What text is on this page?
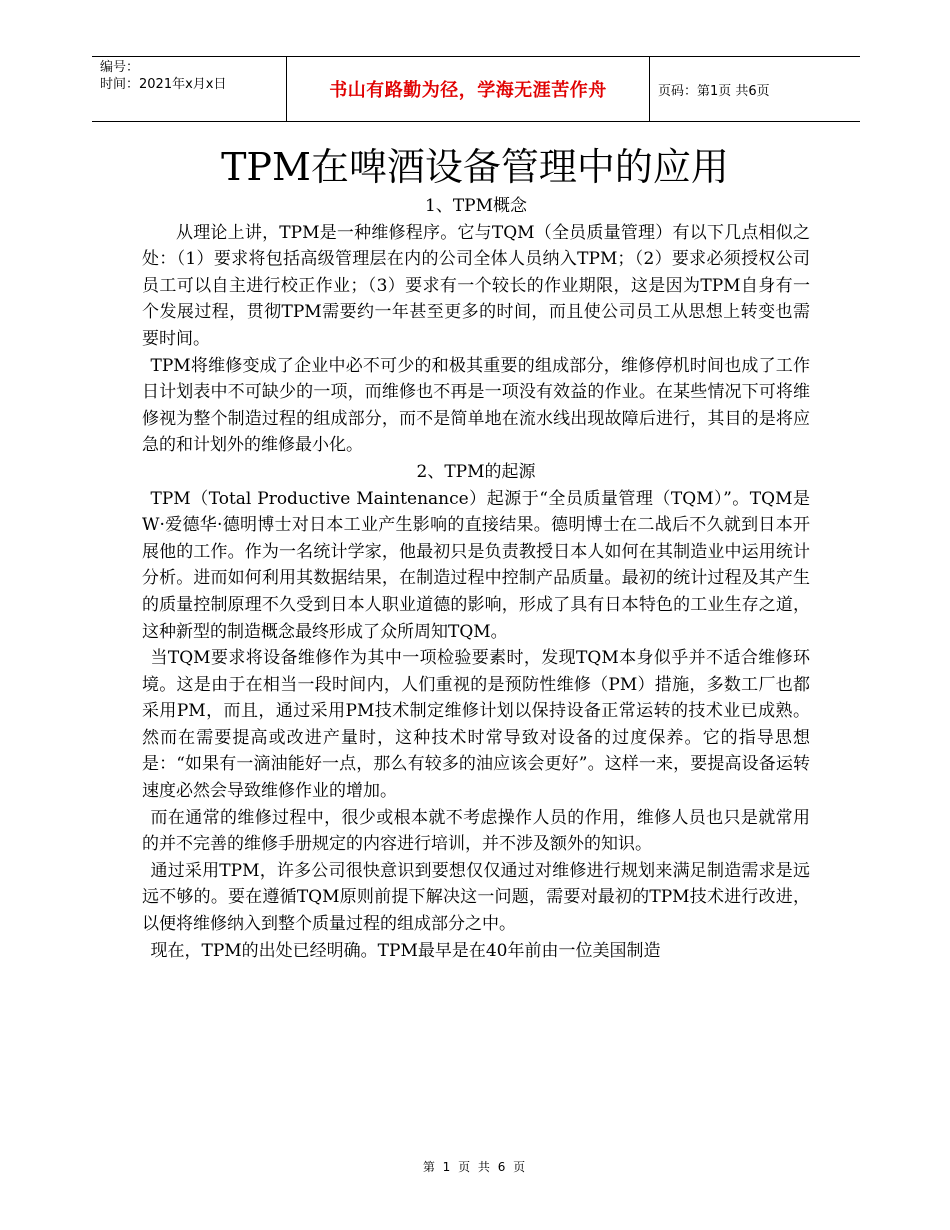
编号：
时间：2021年x月x日	书山有路勤为径，学海无涯苦作舟	页码：第1页 共6页
TPM在啤酒设备管理中的应用

1、TPM概念

从理论上讲，TPM是一种维修程序。它与TQM（全员质量管理）有以下几点相似之处：（1）要求将包括高级管理层在内的公司全体人员纳入TPM；（2）要求必须授权公司员工可以自主进行校正作业；（3）要求有一个较长的作业期限，这是因为TPM自身有一个发展过程，贯彻TPM需要约一年甚至更多的时间，而且使公司员工从思想上转变也需要时间。

TPM将维修变成了企业中必不可少的和极其重要的组成部分，维修停机时间也成了工作日计划表中不可缺少的一项，而维修也不再是一项没有效益的作业。在某些情况下可将维修视为整个制造过程的组成部分，而不是简单地在流水线出现故障后进行，其目的是将应急的和计划外的维修最小化。

2、TPM的起源

TPM（Total Productive Maintenance）起源于“全员质量管理（TQM）”。TQM是W·爱德华·德明博士对日本工业产生影响的直接结果。德明博士在二战后不久就到日本开展他的工作。作为一名统计学家，他最初只是负责教授日本人如何在其制造业中运用统计分析。进而如何利用其数据结果，在制造过程中控制产品质量。最初的统计过程及其产生的质量控制原理不久受到日本人职业道德的影响，形成了具有日本特色的工业生存之道，这种新型的制造概念最终形成了众所周知TQM。

当TQM要求将设备维修作为其中一项检验要素时，发现TQM本身似乎并不适合维修环境。这是由于在相当一段时间内，人们重视的是预防性维修（PM）措施，多数工厂也都采用PM，而且，通过采用PM技术制定维修计划以保持设备正常运转的技术业已成熟。然而在需要提高或改进产量时，这种技术时常导致对设备的过度保养。它的指导思想是：“如果有一滴油能好一点，那么有较多的油应该会更好”。这样一来，要提高设备运转速度必然会导致维修作业的增加。

而在通常的维修过程中，很少或根本就不考虑操作人员的作用，维修人员也只是就常用的并不完善的维修手册规定的内容进行培训，并不涉及额外的知识。

通过采用TPM，许多公司很快意识到要想仅仅通过对维修进行规划来满足制造需求是远远不够的。要在遵循TQM原则前提下解决这一问题，需要对最初的TPM技术进行改进，以便将维修纳入到整个质量过程的组成部分之中。

现在，TPM的出处已经明确。TPM最早是在40年前由一位美国制造

第 1 页 共 6 页
